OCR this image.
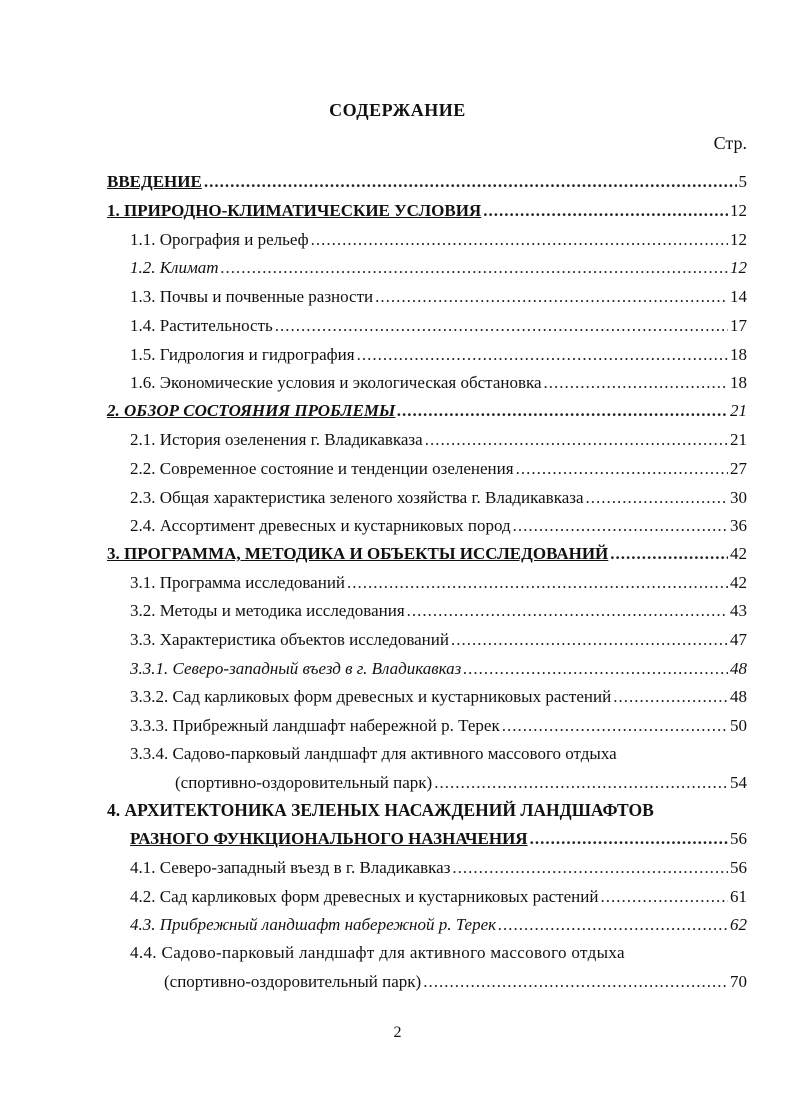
СОДЕРЖАНИЕ
Стр.
ВВЕДЕНИЕ .....	5
1. ПРИРОДНО-КЛИМАТИЧЕСКИЕ УСЛОВИЯ .....	12
1.1. Орография и рельеф .....	12
1.2. Климат .....	12
1.3. Почвы и почвенные разности .....	14
1.4. Растительность .....	17
1.5. Гидрология и гидрография .....	18
1.6. Экономические условия и экологическая обстановка .....	18
2. ОБЗОР СОСТОЯНИЯ ПРОБЛЕМЫ .....	21
2.1. История озеленения г. Владикавказа .....	21
2.2. Современное состояние и тенденции озеленения .....	27
2.3. Общая характеристика зеленого хозяйства г. Владикавказа .....	30
2.4. Ассортимент древесных и кустарниковых пород .....	36
3. ПРОГРАММА, МЕТОДИКА И ОБЪЕКТЫ ИССЛЕДОВАНИЙ .....	42
3.1. Программа исследований .....	42
3.2. Методы и методика исследования .....	43
3.3. Характеристика объектов исследований .....	47
3.3.1. Северо-западный въезд в г. Владикавказ .....	48
3.3.2. Сад карликовых форм древесных и кустарниковых растений .....	48
3.3.3. Прибрежный ландшафт набережной р. Терек .....	50
3.3.4. Садово-парковый ландшафт для активного массового отдыха
(спортивно-оздоровительный парк) .....	54
4. АРХИТЕКТОНИКА ЗЕЛЕНЫХ НАСАЖДЕНИЙ ЛАНДШАФТОВ
РАЗНОГО ФУНКЦИОНАЛЬНОГО НАЗНАЧЕНИЯ .....	56
4.1. Северо-западный въезд в г. Владикавказ .....	56
4.2. Сад карликовых форм древесных и кустарниковых растений .....	61
4.3. Прибрежный ландшафт набережной р. Терек .....	62
4.4. Садово-парковый ландшафт для активного массового отдыха
(спортивно-оздоровительный парк) .....	70
2
